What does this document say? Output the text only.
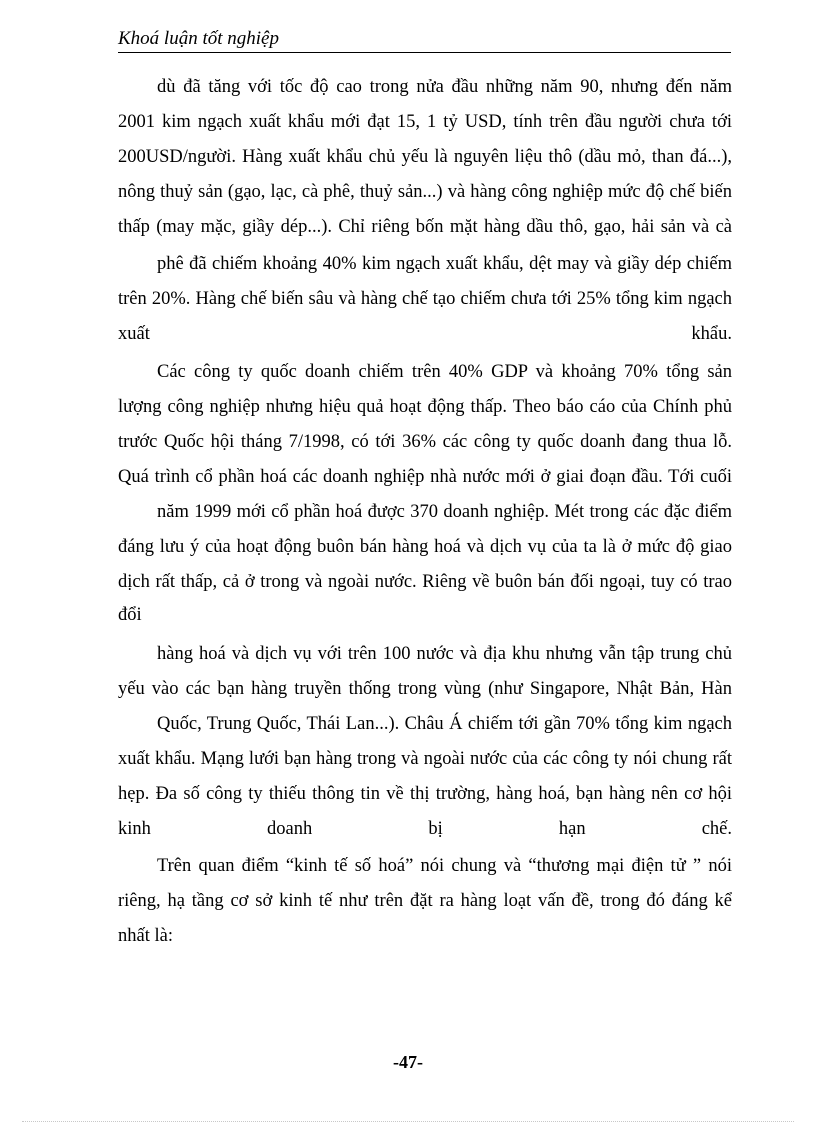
Khoá luận tốt nghiệp
dù đã tăng với tốc độ cao trong nửa đầu những năm 90, nhưng đến năm
2001 kim ngạch xuất khẩu mới đạt 15, 1 tỷ USD, tính trên đầu người chưa tới
200USD/người. Hàng xuất khẩu chủ yếu là nguyên liệu thô (dầu mỏ, than đá...),
nông thuỷ sản (gạo, lạc, cà phê, thuỷ sản...) và hàng công nghiệp mức độ chế biến
thấp (may mặc, giầy dép...). Chỉ riêng bốn mặt hàng dầu thô, gạo, hải sản và cà
phê đã chiếm khoảng 40% kim ngạch xuất khẩu, dệt may và giầy dép chiếm
trên 20%. Hàng chế biến sâu và hàng chế tạo chiếm chưa tới 25% tổng kim ngạch
xuất khẩu.
Các công ty quốc doanh chiếm trên 40% GDP và khoảng 70% tổng sản
lượng công nghiệp nhưng hiệu quả hoạt động thấp. Theo báo cáo của Chính phủ
trước Quốc hội tháng 7/1998, có tới 36% các công ty quốc doanh đang thua lỗ.
Quá trình cổ phần hoá các doanh nghiệp nhà nước mới ở giai đoạn đầu. Tới cuối
năm 1999 mới cổ phần hoá được 370 doanh nghiệp. Mét trong các đặc điểm
đáng lưu ý của hoạt động buôn bán hàng hoá và dịch vụ của ta là ở mức độ giao
dịch rất thấp, cả ở trong và ngoài nước. Riêng về buôn bán đối ngoại, tuy có trao
đổi
hàng hoá và dịch vụ với trên 100 nước và địa khu nhưng vẫn tập trung chủ
yếu vào các bạn hàng truyền thống trong vùng (như Singapore, Nhật Bản, Hàn
Quốc, Trung Quốc, Thái Lan...). Châu Á chiếm tới gần 70% tổng kim ngạch
xuất khẩu. Mạng lưới bạn hàng trong và ngoài nước của các công ty nói chung rất
hẹp. Đa số công ty thiếu thông tin về thị trường, hàng hoá, bạn hàng nên cơ hội
kinh doanh bị hạn chế.
Trên quan điểm “kinh tế số hoá” nói chung và “thương mại điện tử ” nói
riêng, hạ tầng cơ sở kinh tế như trên đặt ra hàng loạt vấn đề, trong đó đáng kể
nhất là:
-47-
